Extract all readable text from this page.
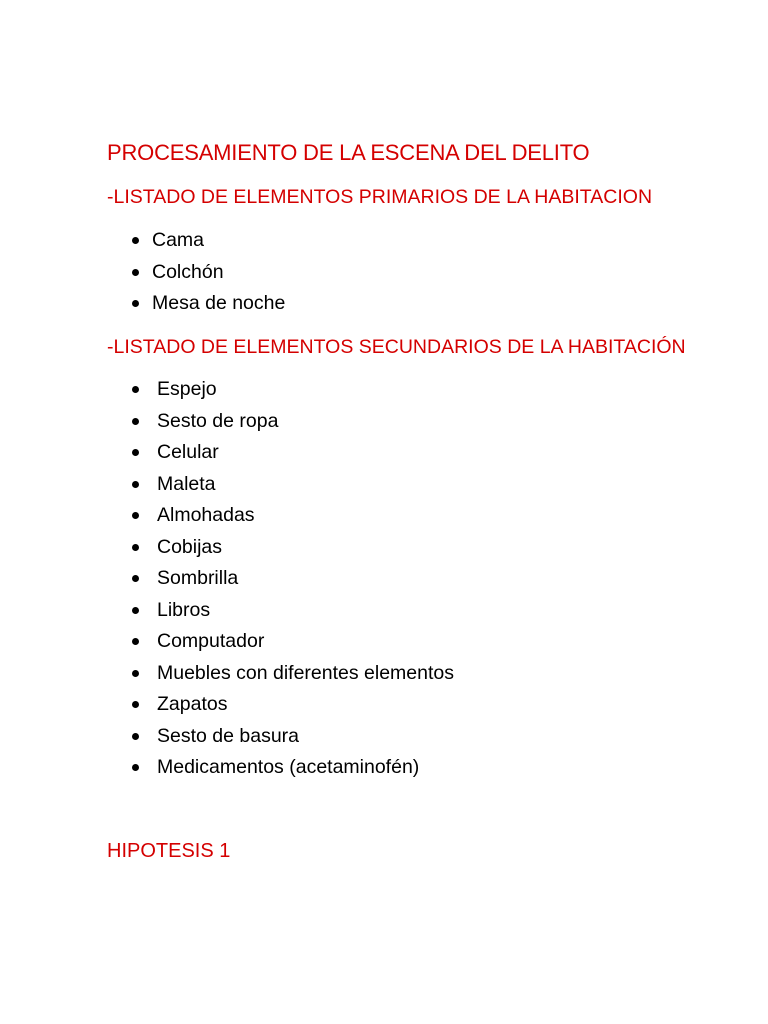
PROCESAMIENTO DE LA ESCENA DEL DELITO
-LISTADO DE ELEMENTOS PRIMARIOS DE LA HABITACION
Cama
Colchón
Mesa de noche
-LISTADO DE ELEMENTOS SECUNDARIOS DE LA HABITACIÓN
Espejo
Sesto de ropa
Celular
Maleta
Almohadas
Cobijas
Sombrilla
Libros
Computador
Muebles con diferentes elementos
Zapatos
Sesto de basura
Medicamentos (acetaminofén)
HIPOTESIS 1
